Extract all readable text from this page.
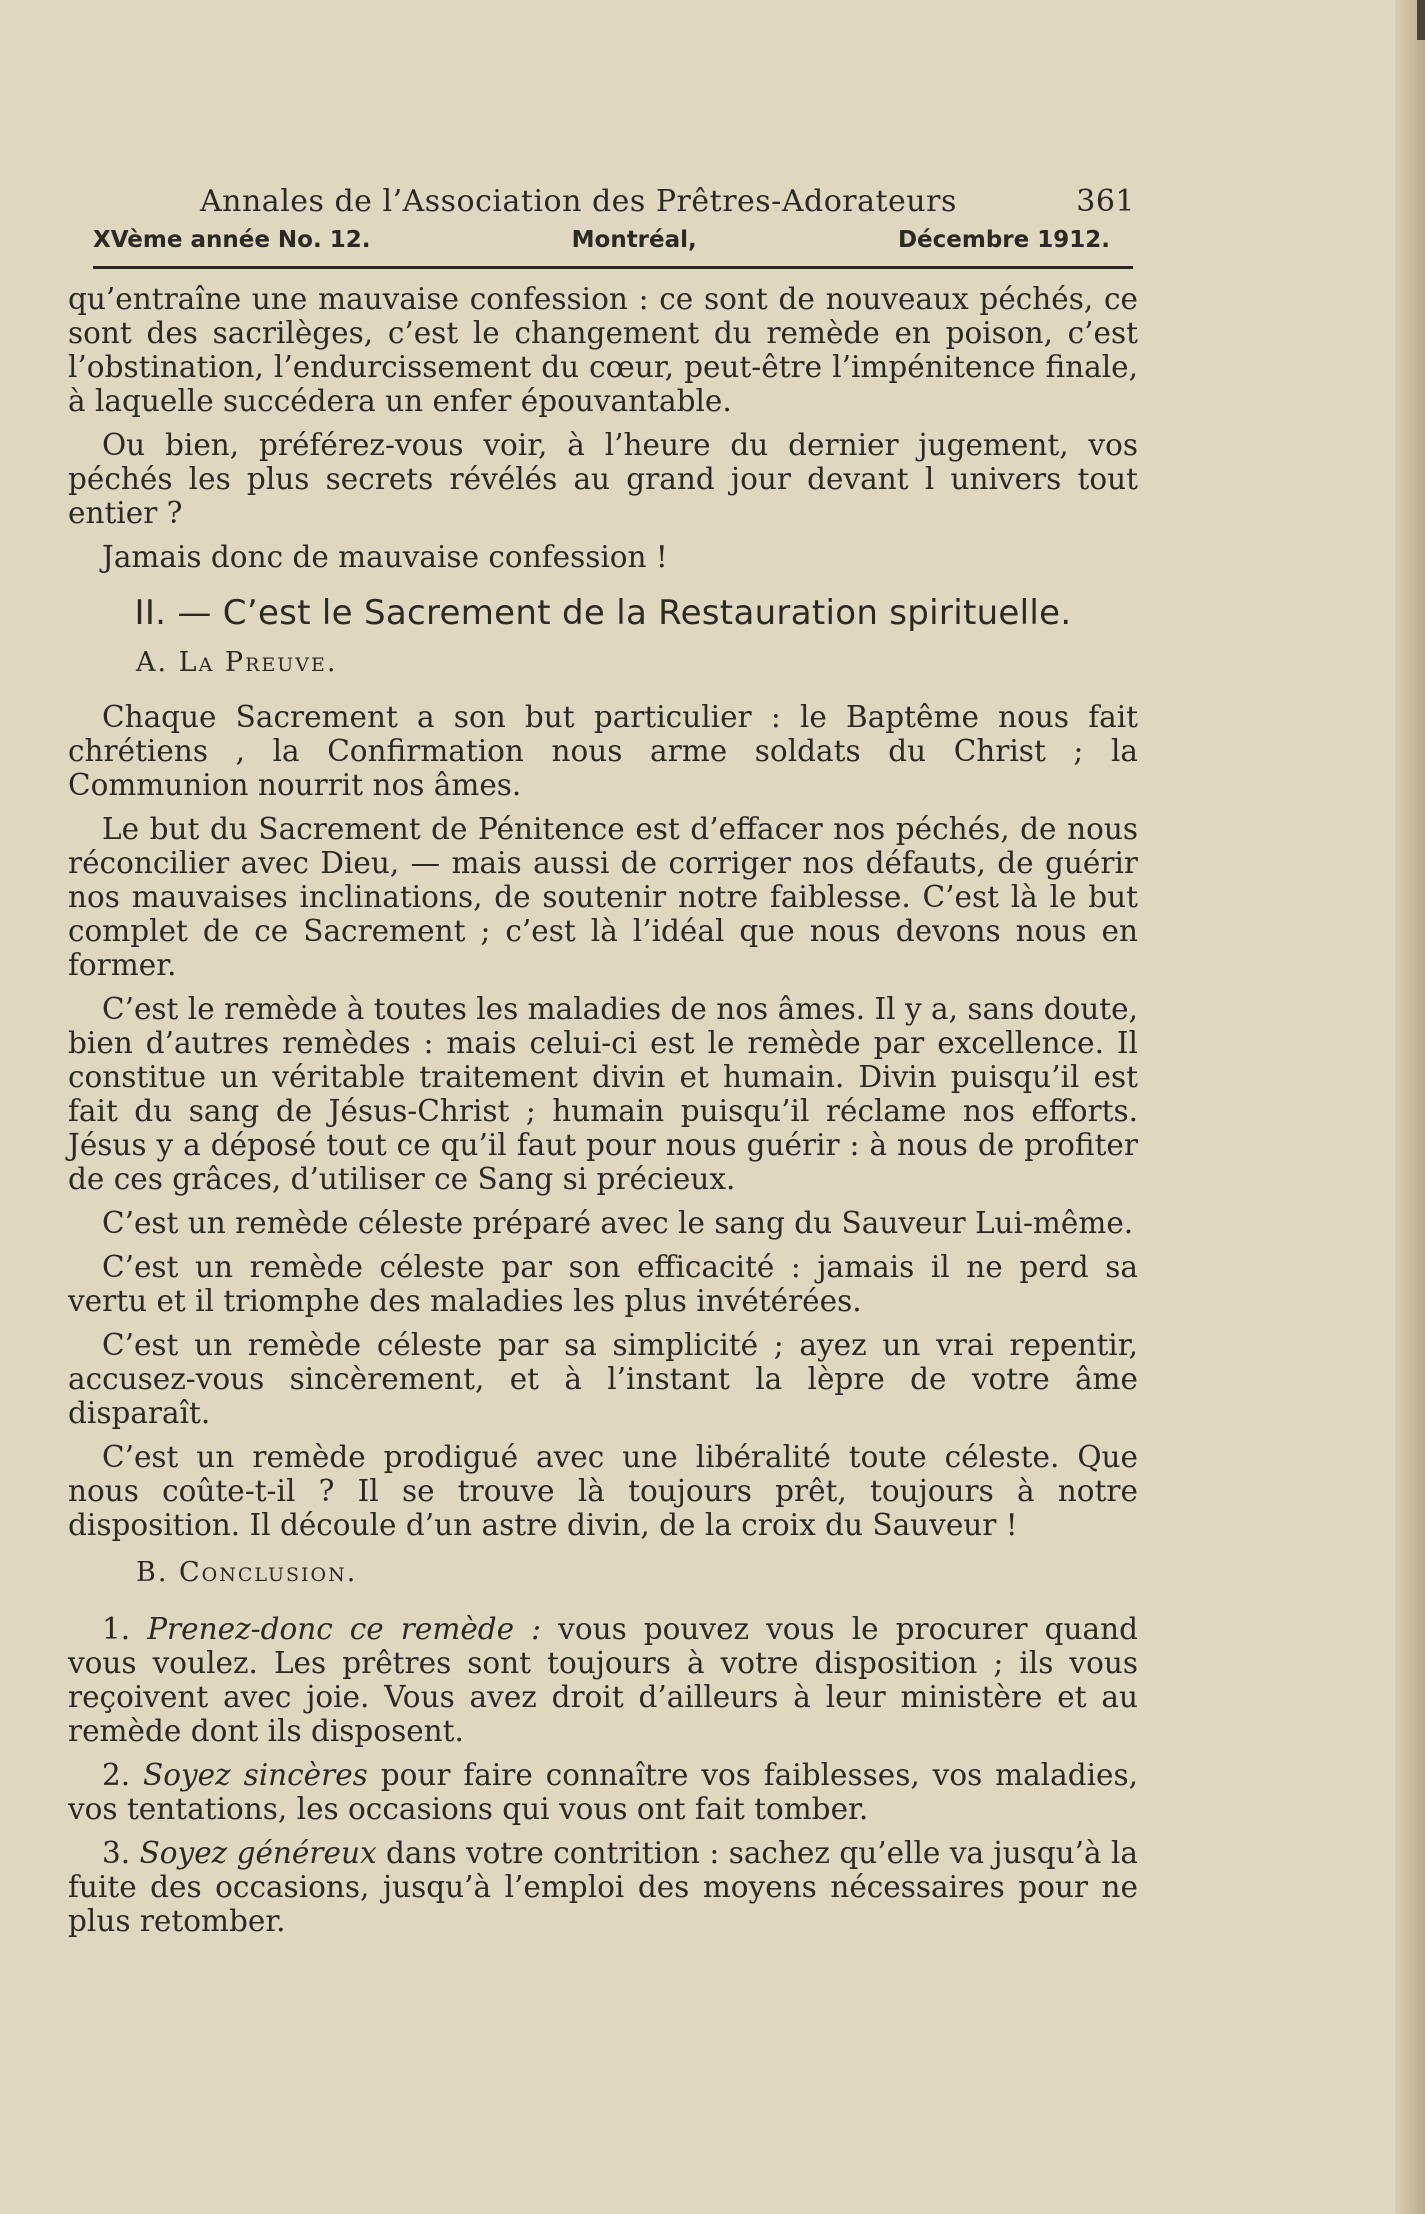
Annales de l’Association des Prêtres-Adorateurs	361
XVème année No. 12.	Montréal,	Décembre 1912.

qu’entraîne une mauvaise confession : ce sont de nouveaux péchés, ce sont des sacrilèges, c’est le changement du remède en poison, c’est l’obstination, l’endurcissement du cœur, peut-être l’impénitence finale, à laquelle succédera un enfer épouvantable.

Ou bien, préférez-vous voir, à l’heure du dernier jugement, vos péchés les plus secrets révélés au grand jour devant l univers tout entier ?

Jamais donc de mauvaise confession !

II. — C’est le Sacrement de la Restauration spirituelle.
A. La Preuve.

Chaque Sacrement a son but particulier : le Baptême nous fait chrétiens , la Confirmation nous arme soldats du Christ ; la Communion nourrit nos âmes.

Le but du Sacrement de Pénitence est d’effacer nos péchés, de nous réconcilier avec Dieu, — mais aussi de corriger nos défauts, de guérir nos mauvaises inclinations, de soutenir notre faiblesse. C’est là le but complet de ce Sacrement ; c’est là l’idéal que nous devons nous en former.

C’est le remède à toutes les maladies de nos âmes. Il y a, sans doute, bien d’autres remèdes : mais celui-ci est le remède par excellence. Il constitue un véritable traitement divin et humain. Divin puisqu’il est fait du sang de Jésus-Christ ; humain puisqu’il réclame nos efforts. Jésus y a déposé tout ce qu’il faut pour nous guérir : à nous de profiter de ces grâces, d’utiliser ce Sang si précieux.

C’est un remède céleste préparé avec le sang du Sauveur Lui-même.

C’est un remède céleste par son efficacité : jamais il ne perd sa vertu et il triomphe des maladies les plus invétérées.

C’est un remède céleste par sa simplicité ; ayez un vrai repentir, accusez-vous sincèrement, et à l’instant la lèpre de votre âme disparaît.

C’est un remède prodigué avec une libéralité toute céleste. Que nous coûte-t-il ? Il se trouve là toujours prêt, toujours à notre disposition. Il découle d’un astre divin, de la croix du Sauveur !

B. Conclusion.

1. Prenez-donc ce remède : vous pouvez vous le procurer quand vous voulez. Les prêtres sont toujours à votre disposition ; ils vous reçoivent avec joie. Vous avez droit d’ailleurs à leur ministère et au remède dont ils disposent.

2. Soyez sincères pour faire connaître vos faiblesses, vos maladies, vos tentations, les occasions qui vous ont fait tomber.

3. Soyez généreux dans votre contrition : sachez qu’elle va jusqu’à la fuite des occasions, jusqu’à l’emploi des moyens nécessaires pour ne plus retomber.
